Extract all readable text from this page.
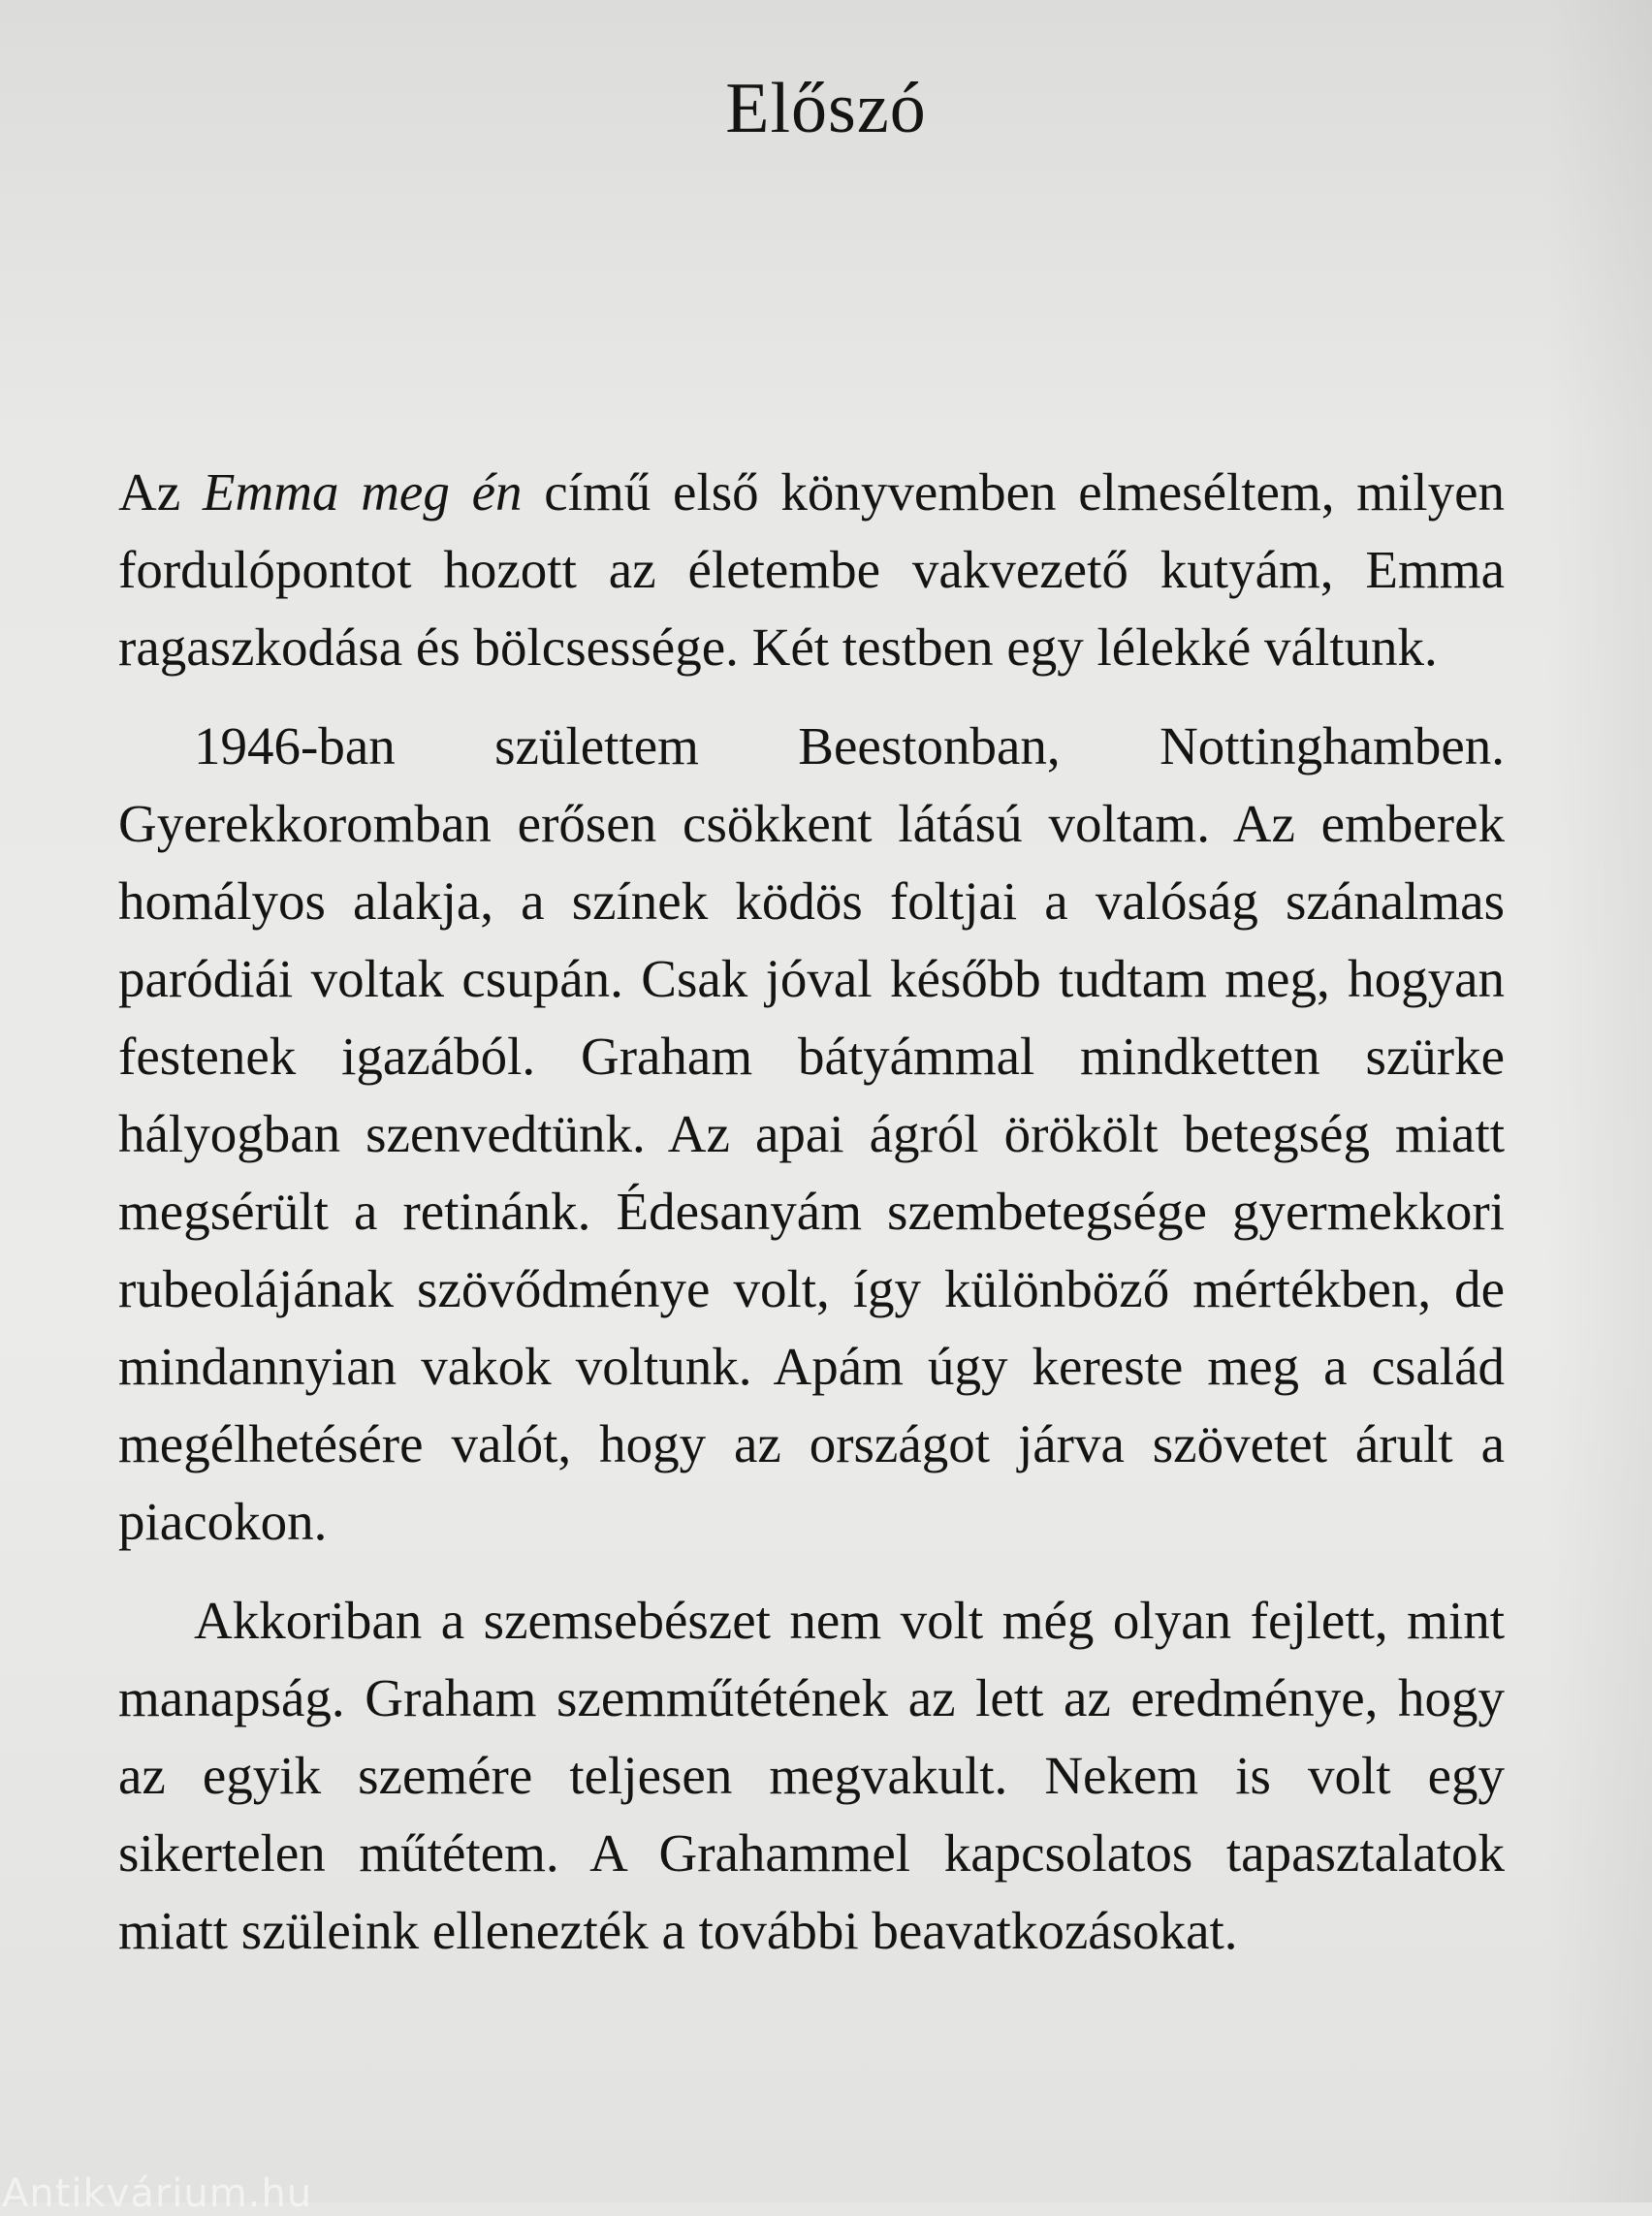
Előszó

Az Emma meg én című első könyvemben elmeséltem, milyen fordulópontot hozott az életembe vakvezető kutyám, Emma ragaszkodása és bölcsessége. Két testben egy lélekké váltunk.

1946-ban születtem Beestonban, Nottinghamben. Gyerekkoromban erősen csökkent látású voltam. Az emberek homályos alakja, a színek ködös foltjai a valóság szánalmas paródiái voltak csupán. Csak jóval később tudtam meg, hogyan festenek igazából. Graham bátyámmal mindketten szürke hályogban szenvedtünk. Az apai ágról örökölt betegség miatt megsérült a retinánk. Édesanyám szembetegsége gyermekkori rubeolájának szövődménye volt, így különböző mértékben, de mindannyian vakok voltunk. Apám úgy kereste meg a család megélhetésére valót, hogy az országot járva szövetet árult a piacokon.

Akkoriban a szemsebészet nem volt még olyan fejlett, mint manapság. Graham szemműtétének az lett az eredménye, hogy az egyik szemére teljesen megvakult. Nekem is volt egy sikertelen műtétem. A Grahammel kapcsolatos tapasztalatok miatt szüleink ellenezték a további beavatkozásokat.

Antikvárium.hu
